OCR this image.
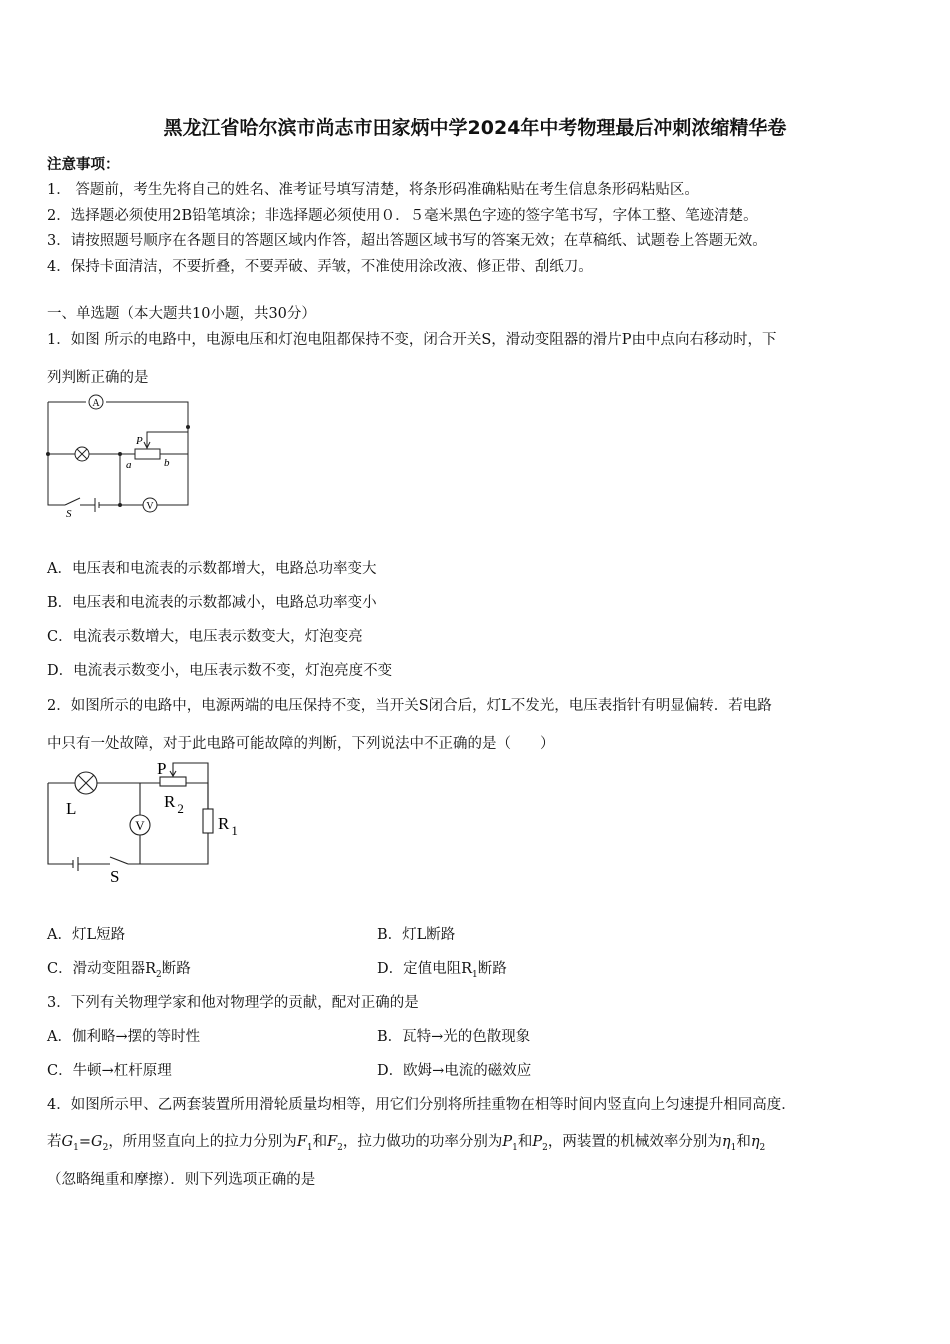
黑龙江省哈尔滨市尚志市田家炳中学2024年中考物理最后冲刺浓缩精华卷
注意事项：
1． 答题前，考生先将自己的姓名、准考证号填写清楚，将条形码准确粘贴在考生信息条形码粘贴区。
2．选择题必须使用2B铅笔填涂；非选择题必须使用０．５毫米黑色字迹的签字笔书写，字体工整、笔迹清楚。
3．请按照题号顺序在各题目的答题区域内作答，超出答题区域书写的答案无效；在草稿纸、试题卷上答题无效。
4．保持卡面清洁，不要折叠，不要弄破、弄皱，不准使用涂改液、修正带、刮纸刀。
一、单选题（本大题共10小题，共30分）
1．如图 所示的电路中，电源电压和灯泡电阻都保持不变，闭合开关S，滑动变阻器的滑片P由中点向右移动时，下
列判断正确的是
A
V
P
a	b
S
A．电压表和电流表的示数都增大，电路总功率变大
B．电压表和电流表的示数都减小，电路总功率变小
C．电流表示数增大，电压表示数变大，灯泡变亮
D．电流表示数变小，电压表示数不变，灯泡亮度不变
2．如图所示的电路中，电源两端的电压保持不变，当开关S闭合后，灯L不发光，电压表指针有明显偏转．若电路
中只有一处故障，对于此电路可能故障的判断，下列说法中不正确的是（　　）
V
L
P
R $_2$
R $_1$
S
A．灯L短路	B．灯L断路
C．滑动变阻器$R_2$断路	D．定值电阻$R_1$断路
3．下列有关物理学家和他对物理学的贡献，配对正确的是
A．伽利略→摆的等时性	B．瓦特→光的色散现象
C．牛顿→杠杆原理	D．欧姆→电流的磁效应
4．如图所示甲、乙两套装置所用滑轮质量均相等，用它们分别将所挂重物在相等时间内竖直向上匀速提升相同高度．
若$G_1=G_2$，所用竖直向上的拉力分别为$F_1$和$F_2$，拉力做功的功率分别为$P_1$和$P_2$，两装置的机械效率分别为$\eta_1$和$\eta_2$
（忽略绳重和摩擦）．则下列选项正确的是
